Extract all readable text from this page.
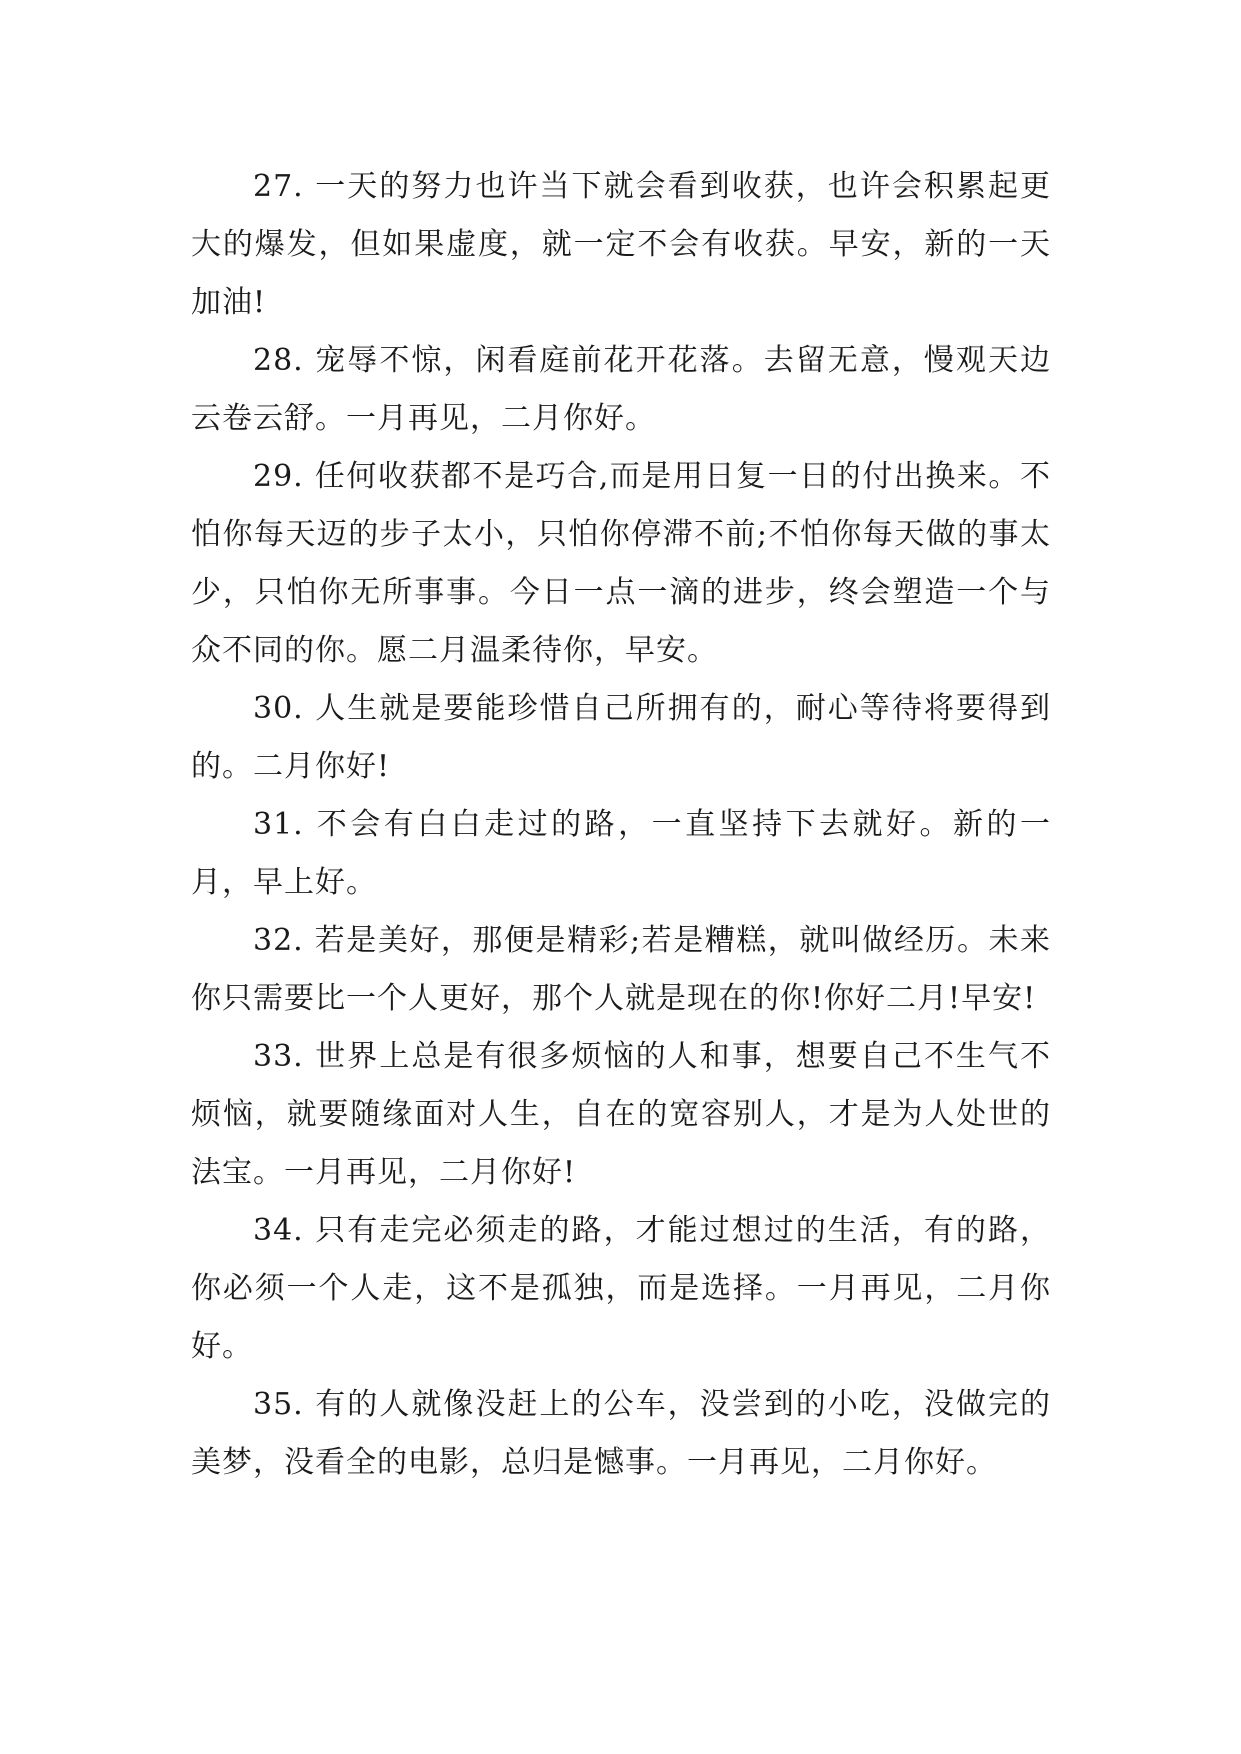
27. 一天的努力也许当下就会看到收获，也许会积累起更大的爆发，但如果虚度，就一定不会有收获。早安，新的一天加油!

28. 宠辱不惊，闲看庭前花开花落。去留无意，慢观天边云卷云舒。一月再见，二月你好。

29. 任何收获都不是巧合,而是用日复一日的付出换来。不怕你每天迈的步子太小，只怕你停滞不前;不怕你每天做的事太少，只怕你无所事事。今日一点一滴的进步，终会塑造一个与众不同的你。愿二月温柔待你，早安。

30. 人生就是要能珍惜自己所拥有的，耐心等待将要得到的。二月你好!

31. 不会有白白走过的路，一直坚持下去就好。新的一月，早上好。

32. 若是美好，那便是精彩;若是糟糕，就叫做经历。未来你只需要比一个人更好，那个人就是现在的你!你好二月!早安!

33. 世界上总是有很多烦恼的人和事，想要自己不生气不烦恼，就要随缘面对人生，自在的宽容别人，才是为人处世的法宝。一月再见，二月你好!

34. 只有走完必须走的路，才能过想过的生活，有的路，你必须一个人走，这不是孤独，而是选择。一月再见，二月你好。

35. 有的人就像没赶上的公车，没尝到的小吃，没做完的美梦，没看全的电影，总归是憾事。一月再见，二月你好。
